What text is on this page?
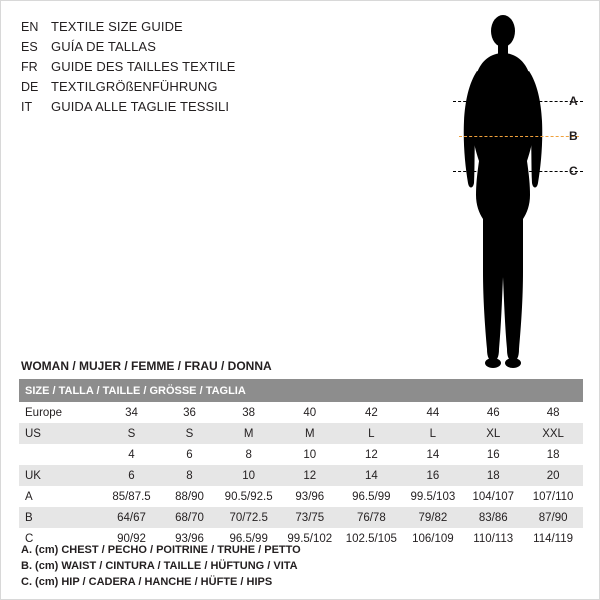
EN TEXTILE SIZE GUIDE
ES	GUÍA DE TALLAS
FR	GUIDE DES TAILLES TEXTILE
DE TEXTILGRÖßENFÜHRUNG
IT	GUIDA ALLE TAGLIE TESSILI	A
B
C
WOMAN / MUJER / FEMME / FRAU / DONNA
SIZE / TALLA / TAILLE / GRÖSSE / TAGLIA								
Europe	34	36	38	40	42	44	46	48
US	S	S	M	M	L	L	XL	XXL
	4	6	8	10	12	14	16	18
UK	6	8	10	12	14	16	18	20
A	85/87.5	88/90	90.5/92.5	93/96	96.5/99	99.5/103	104/107	107/110
B	64/67	68/70	70/72.5	73/75	76/78	79/82	83/86	87/90
C	90/92	93/96	96.5/99	99.5/102	102.5/105	106/109	110/113	114/119
A. (cm) CHEST / PECHO / POITRINE / TRUHE / PETTO
B. (cm) WAIST / CINTURA / TAILLE / HÜFTUNG / VITA
C. (cm) HIP / CADERA / HANCHE / HÜFTE / HIPS
